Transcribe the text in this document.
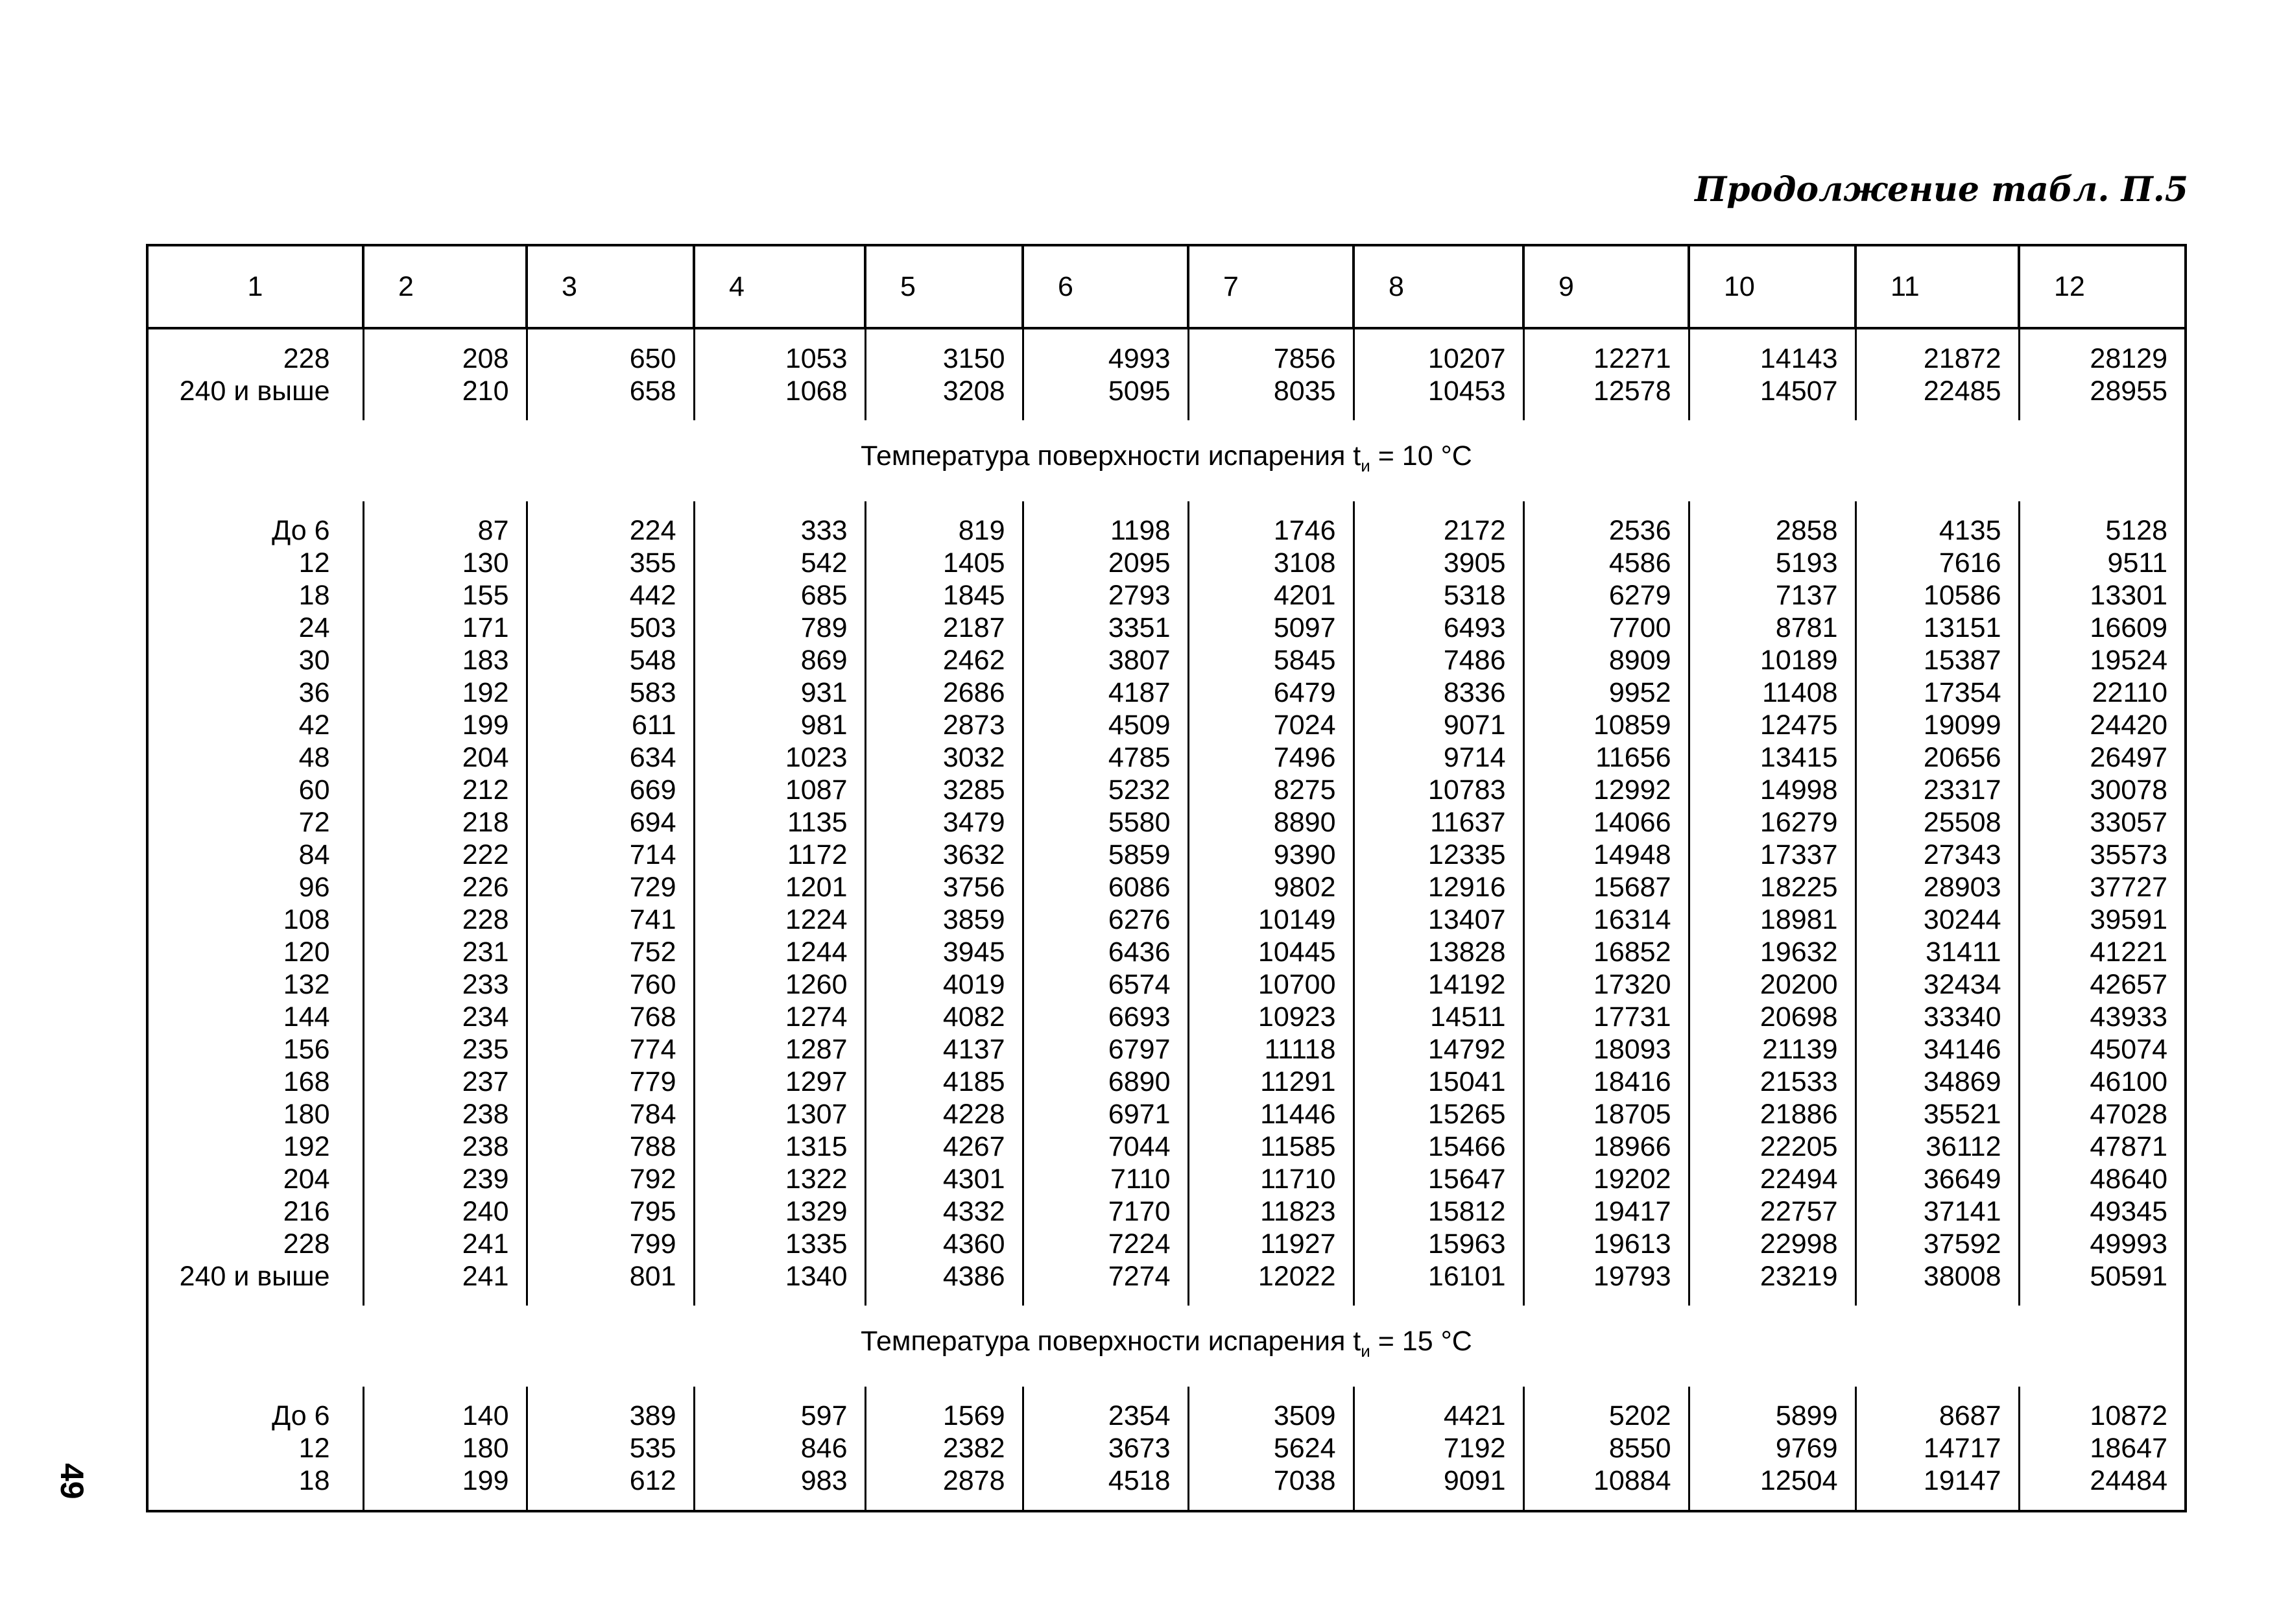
Продолжение табл. П.5
49
1	2	3	4	5	6	7	8	9	10	11	12
228	208	650	1053	3150	4993	7856	10207	12271	14143	21872	28129
240 и выше	210	658	1068	3208	5095	8035	10453	12578	14507	22485	28955
Температура поверхности испарения $t_и = 10$ °С											
До 6	87	224	333	819	1198	1746	2172	2536	2858	4135	5128
12	130	355	542	1405	2095	3108	3905	4586	5193	7616	9511
18	155	442	685	1845	2793	4201	5318	6279	7137	10586	13301
24	171	503	789	2187	3351	5097	6493	7700	8781	13151	16609
30	183	548	869	2462	3807	5845	7486	8909	10189	15387	19524
36	192	583	931	2686	4187	6479	8336	9952	11408	17354	22110
42	199	611	981	2873	4509	7024	9071	10859	12475	19099	24420
48	204	634	1023	3032	4785	7496	9714	11656	13415	20656	26497
60	212	669	1087	3285	5232	8275	10783	12992	14998	23317	30078
72	218	694	1135	3479	5580	8890	11637	14066	16279	25508	33057
84	222	714	1172	3632	5859	9390	12335	14948	17337	27343	35573
96	226	729	1201	3756	6086	9802	12916	15687	18225	28903	37727
108	228	741	1224	3859	6276	10149	13407	16314	18981	30244	39591
120	231	752	1244	3945	6436	10445	13828	16852	19632	31411	41221
132	233	760	1260	4019	6574	10700	14192	17320	20200	32434	42657
144	234	768	1274	4082	6693	10923	14511	17731	20698	33340	43933
156	235	774	1287	4137	6797	11118	14792	18093	21139	34146	45074
168	237	779	1297	4185	6890	11291	15041	18416	21533	34869	46100
180	238	784	1307	4228	6971	11446	15265	18705	21886	35521	47028
192	238	788	1315	4267	7044	11585	15466	18966	22205	36112	47871
204	239	792	1322	4301	7110	11710	15647	19202	22494	36649	48640
216	240	795	1329	4332	7170	11823	15812	19417	22757	37141	49345
228	241	799	1335	4360	7224	11927	15963	19613	22998	37592	49993
240 и выше	241	801	1340	4386	7274	12022	16101	19793	23219	38008	50591
Температура поверхности испарения $t_и = 15$ °С											
До 6	140	389	597	1569	2354	3509	4421	5202	5899	8687	10872
12	180	535	846	2382	3673	5624	7192	8550	9769	14717	18647
18	199	612	983	2878	4518	7038	9091	10884	12504	19147	24484
